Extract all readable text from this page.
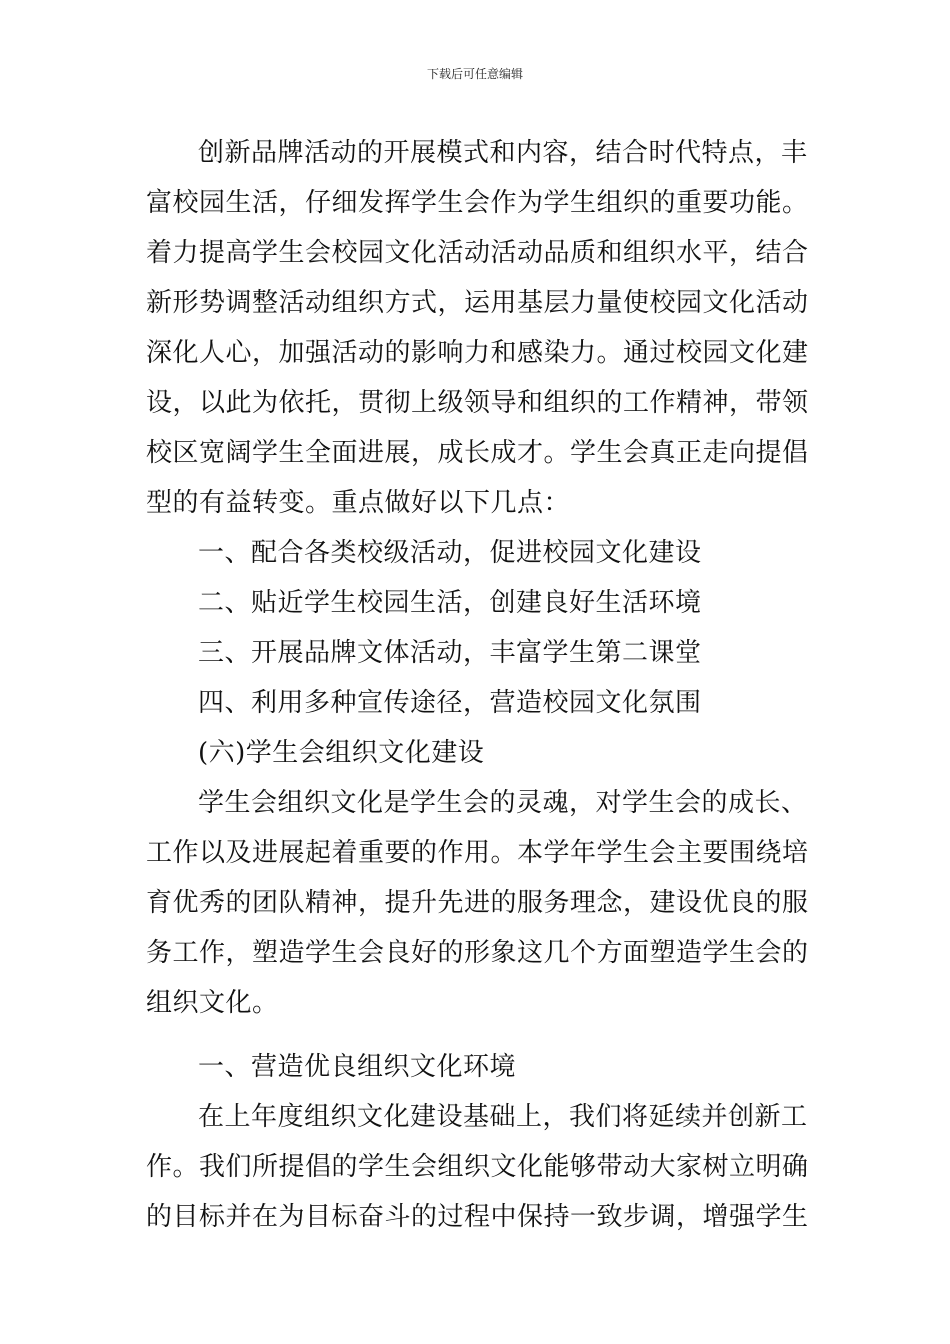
下载后可任意编辑
创新品牌活动的开展模式和内容，结合时代特点，丰
富校园生活，仔细发挥学生会作为学生组织的重要功能。
着力提高学生会校园文化活动活动品质和组织水平，结合
新形势调整活动组织方式，运用基层力量使校园文化活动
深化人心，加强活动的影响力和感染力。通过校园文化建
设，以此为依托，贯彻上级领导和组织的工作精神，带领
校区宽阔学生全面进展，成长成才。学生会真正走向提倡
型的有益转变。重点做好以下几点：
一、配合各类校级活动，促进校园文化建设
二、贴近学生校园生活，创建良好生活环境
三、开展品牌文体活动，丰富学生第二课堂
四、利用多种宣传途径，营造校园文化氛围
(六)学生会组织文化建设
学生会组织文化是学生会的灵魂，对学生会的成长、
工作以及进展起着重要的作用。本学年学生会主要围绕培
育优秀的团队精神，提升先进的服务理念，建设优良的服
务工作，塑造学生会良好的形象这几个方面塑造学生会的
组织文化。
一、营造优良组织文化环境
在上年度组织文化建设基础上，我们将延续并创新工
作。我们所提倡的学生会组织文化能够带动大家树立明确
的目标并在为目标奋斗的过程中保持一致步调，增强学生
